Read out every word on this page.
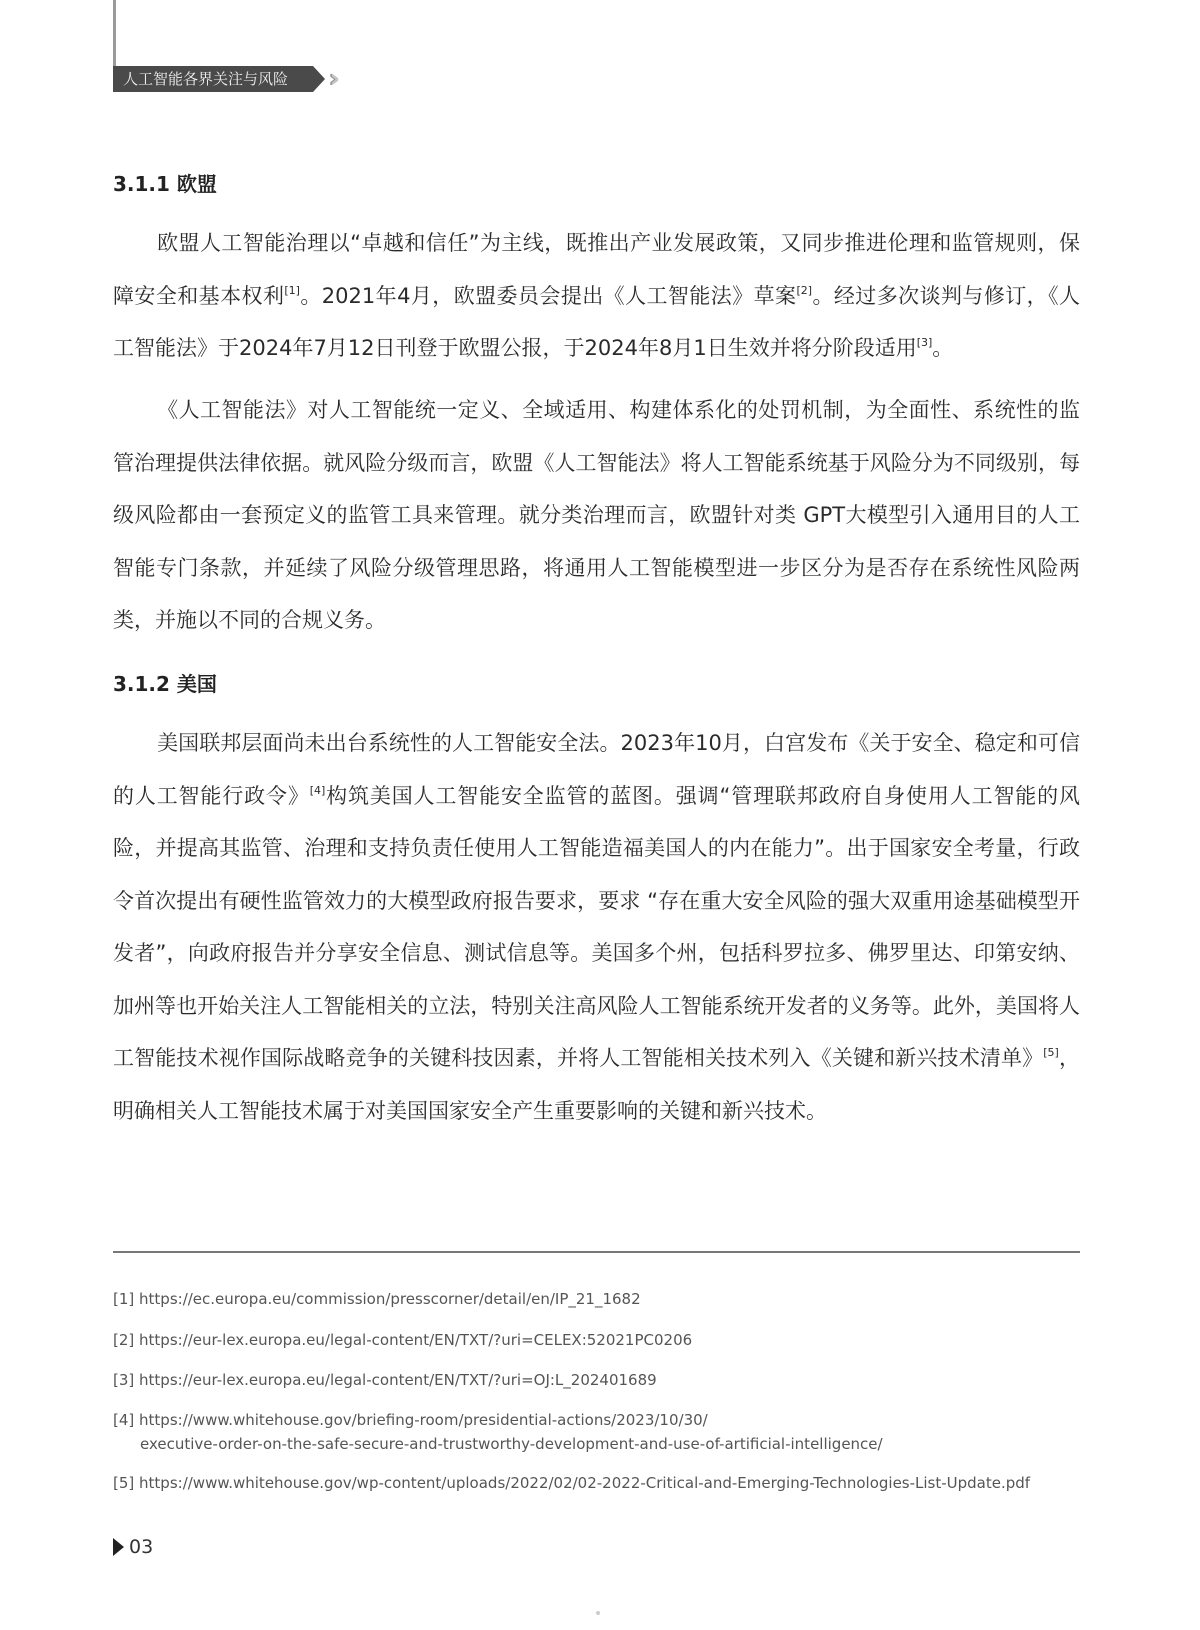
人工智能各界关注与风险	›››
3.1.1 欧盟

欧盟人工智能治理以“卓越和信任”为主线，既推出产业发展政策，又同步推进伦理和监管规则，保障安全和基本权利[1]。2021年4月，欧盟委员会提出《人工智能法》草案[2]。经过多次谈判与修订，《人工智能法》于2024年7月12日刊登于欧盟公报，于2024年8月1日生效并将分阶段适用[3]。

《人工智能法》对人工智能统一定义、全域适用、构建体系化的处罚机制，为全面性、系统性的监管治理提供法律依据。就风险分级而言，欧盟《人工智能法》将人工智能系统基于风险分为不同级别，每级风险都由一套预定义的监管工具来管理。就分类治理而言，欧盟针对类 GPT大模型引入通用目的人工智能专门条款，并延续了风险分级管理思路，将通用人工智能模型进一步区分为是否存在系统性风险两类，并施以不同的合规义务。

3.1.2 美国

美国联邦层面尚未出台系统性的人工智能安全法。2023年10月，白宫发布《关于安全、稳定和可信的人工智能行政令》[4]构筑美国人工智能安全监管的蓝图。强调“管理联邦政府自身使用人工智能的风险，并提高其监管、治理和支持负责任使用人工智能造福美国人的内在能力”。出于国家安全考量，行政令首次提出有硬性监管效力的大模型政府报告要求，要求 “存在重大安全风险的强大双重用途基础模型开发者”，向政府报告并分享安全信息、测试信息等。美国多个州，包括科罗拉多、佛罗里达、印第安纳、加州等也开始关注人工智能相关的立法，特别关注高风险人工智能系统开发者的义务等。此外，美国将人工智能技术视作国际战略竞争的关键科技因素，并将人工智能相关技术列入《关键和新兴技术清单》[5]，明确相关人工智能技术属于对美国国家安全产生重要影响的关键和新兴技术。

[1] https://ec.europa.eu/commission/presscorner/detail/en/IP_21_1682
[2] https://eur-lex.europa.eu/legal-content/EN/TXT/?uri=CELEX:52021PC0206
[3] https://eur-lex.europa.eu/legal-content/EN/TXT/?uri=OJ:L_202401689
[4] https://www.whitehouse.gov/briefing-room/presidential-actions/2023/10/30/
executive-order-on-the-safe-secure-and-trustworthy-development-and-use-of-artificial-intelligence/
[5] https://www.whitehouse.gov/wp-content/uploads/2022/02/02-2022-Critical-and-Emerging-Technologies-List-Update.pdf
03
